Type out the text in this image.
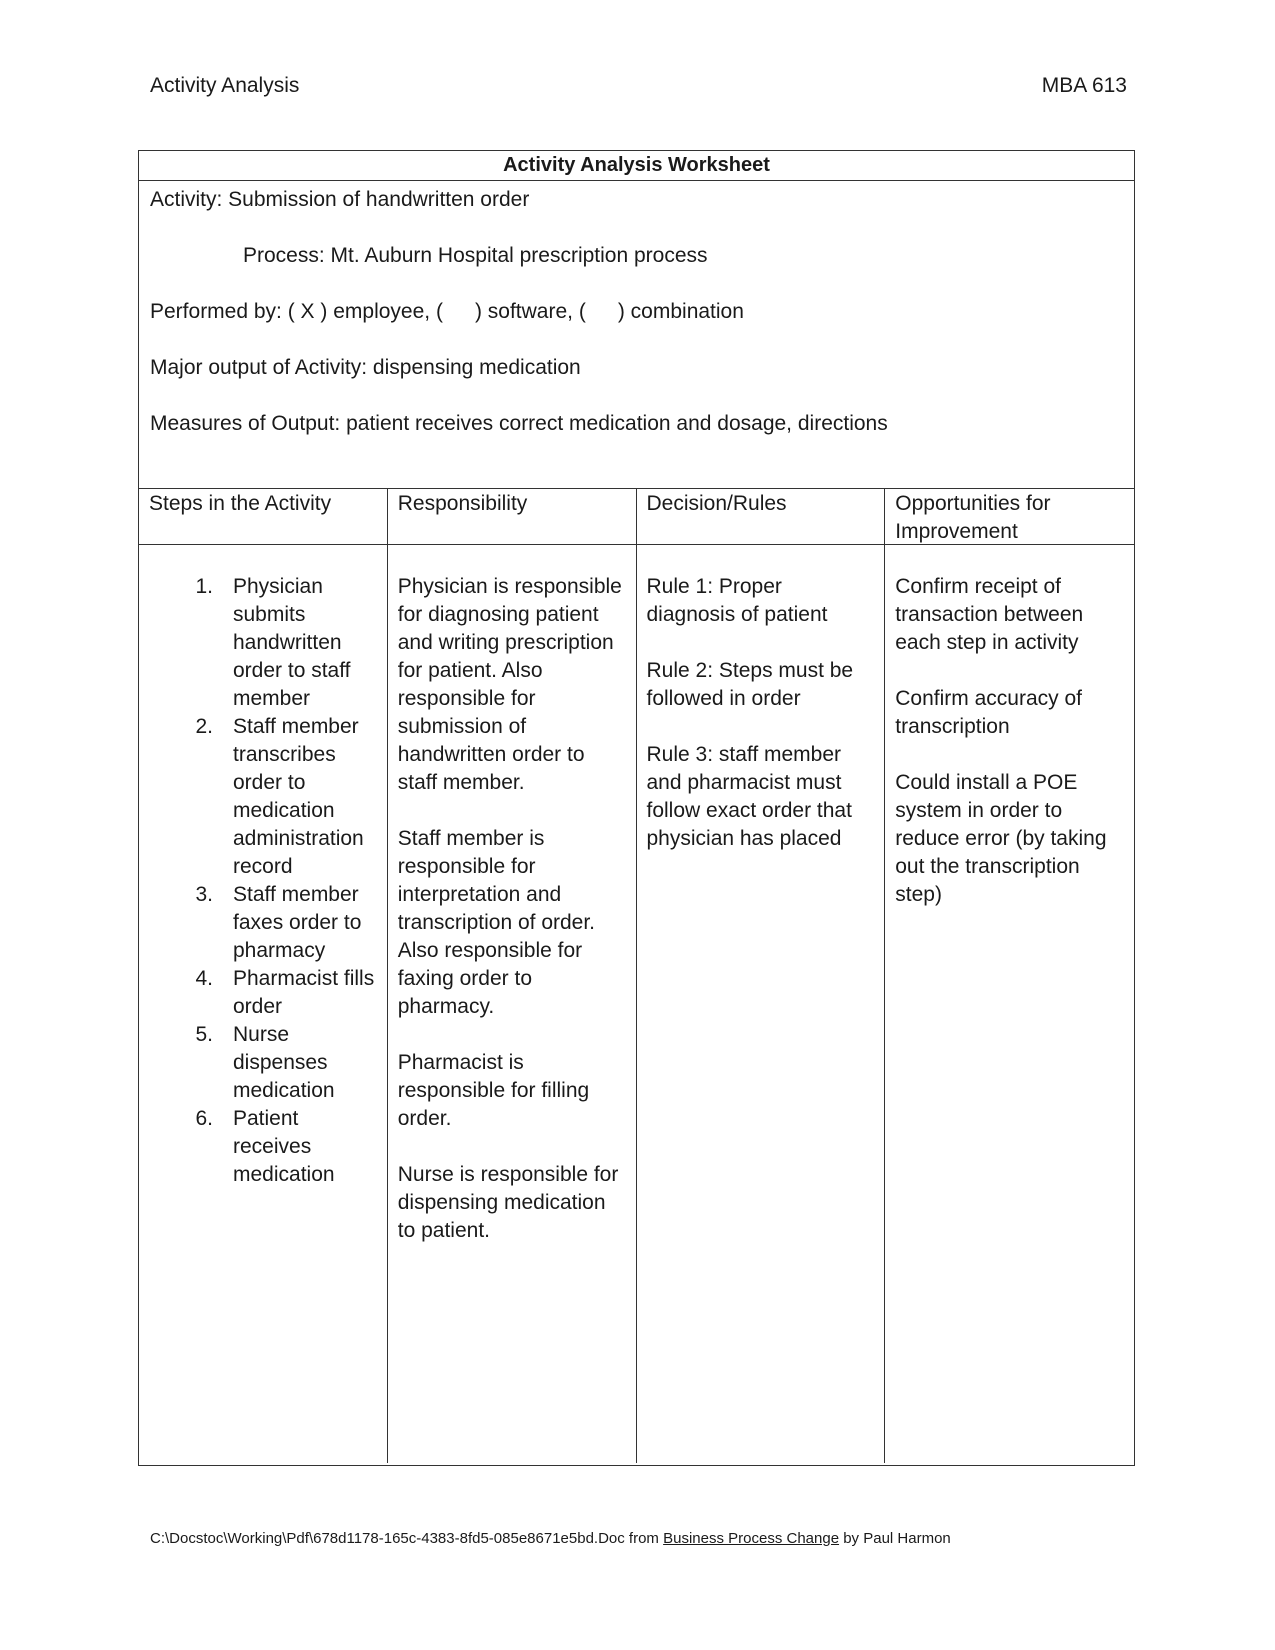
Activity Analysis	MBA 613
Activity Analysis Worksheet

Activity: Submission of handwritten order

Process: Mt. Auburn Hospital prescription process

Performed by: ( X ) employee, ( ) software, ( ) combination

Major output of Activity: dispensing medication

Measures of Output: patient receives correct medication and dosage, directions

Steps in the Activity
1. Physician submits handwritten order to staff member
2. Staff member transcribes order to medication administration record
3. Staff member faxes order to pharmacy
4. Pharmacist fills order
5. Nurse dispenses medication
6. Patient receives medication
Responsibility

Physician is responsible for diagnosing patient and writing prescription for patient. Also responsible for submission of handwritten order to staff member.

Staff member is responsible for interpretation and transcription of order. Also responsible for faxing order to pharmacy.

Pharmacist is responsible for filling order.

Nurse is responsible for dispensing medication to patient.

Decision/Rules

Rule 1: Proper diagnosis of patient

Rule 2: Steps must be followed in order

Rule 3: staff member and pharmacist must follow exact order that physician has placed

Opportunities for Improvement

Confirm receipt of transaction between each step in activity

Confirm accuracy of transcription

Could install a POE system in order to reduce error (by taking out the transcription step)

C:\Docstoc\Working\Pdf\678d1178-165c-4383-8fd5-085e8671e5bd.Doc from Business Process Change by Paul Harmon
